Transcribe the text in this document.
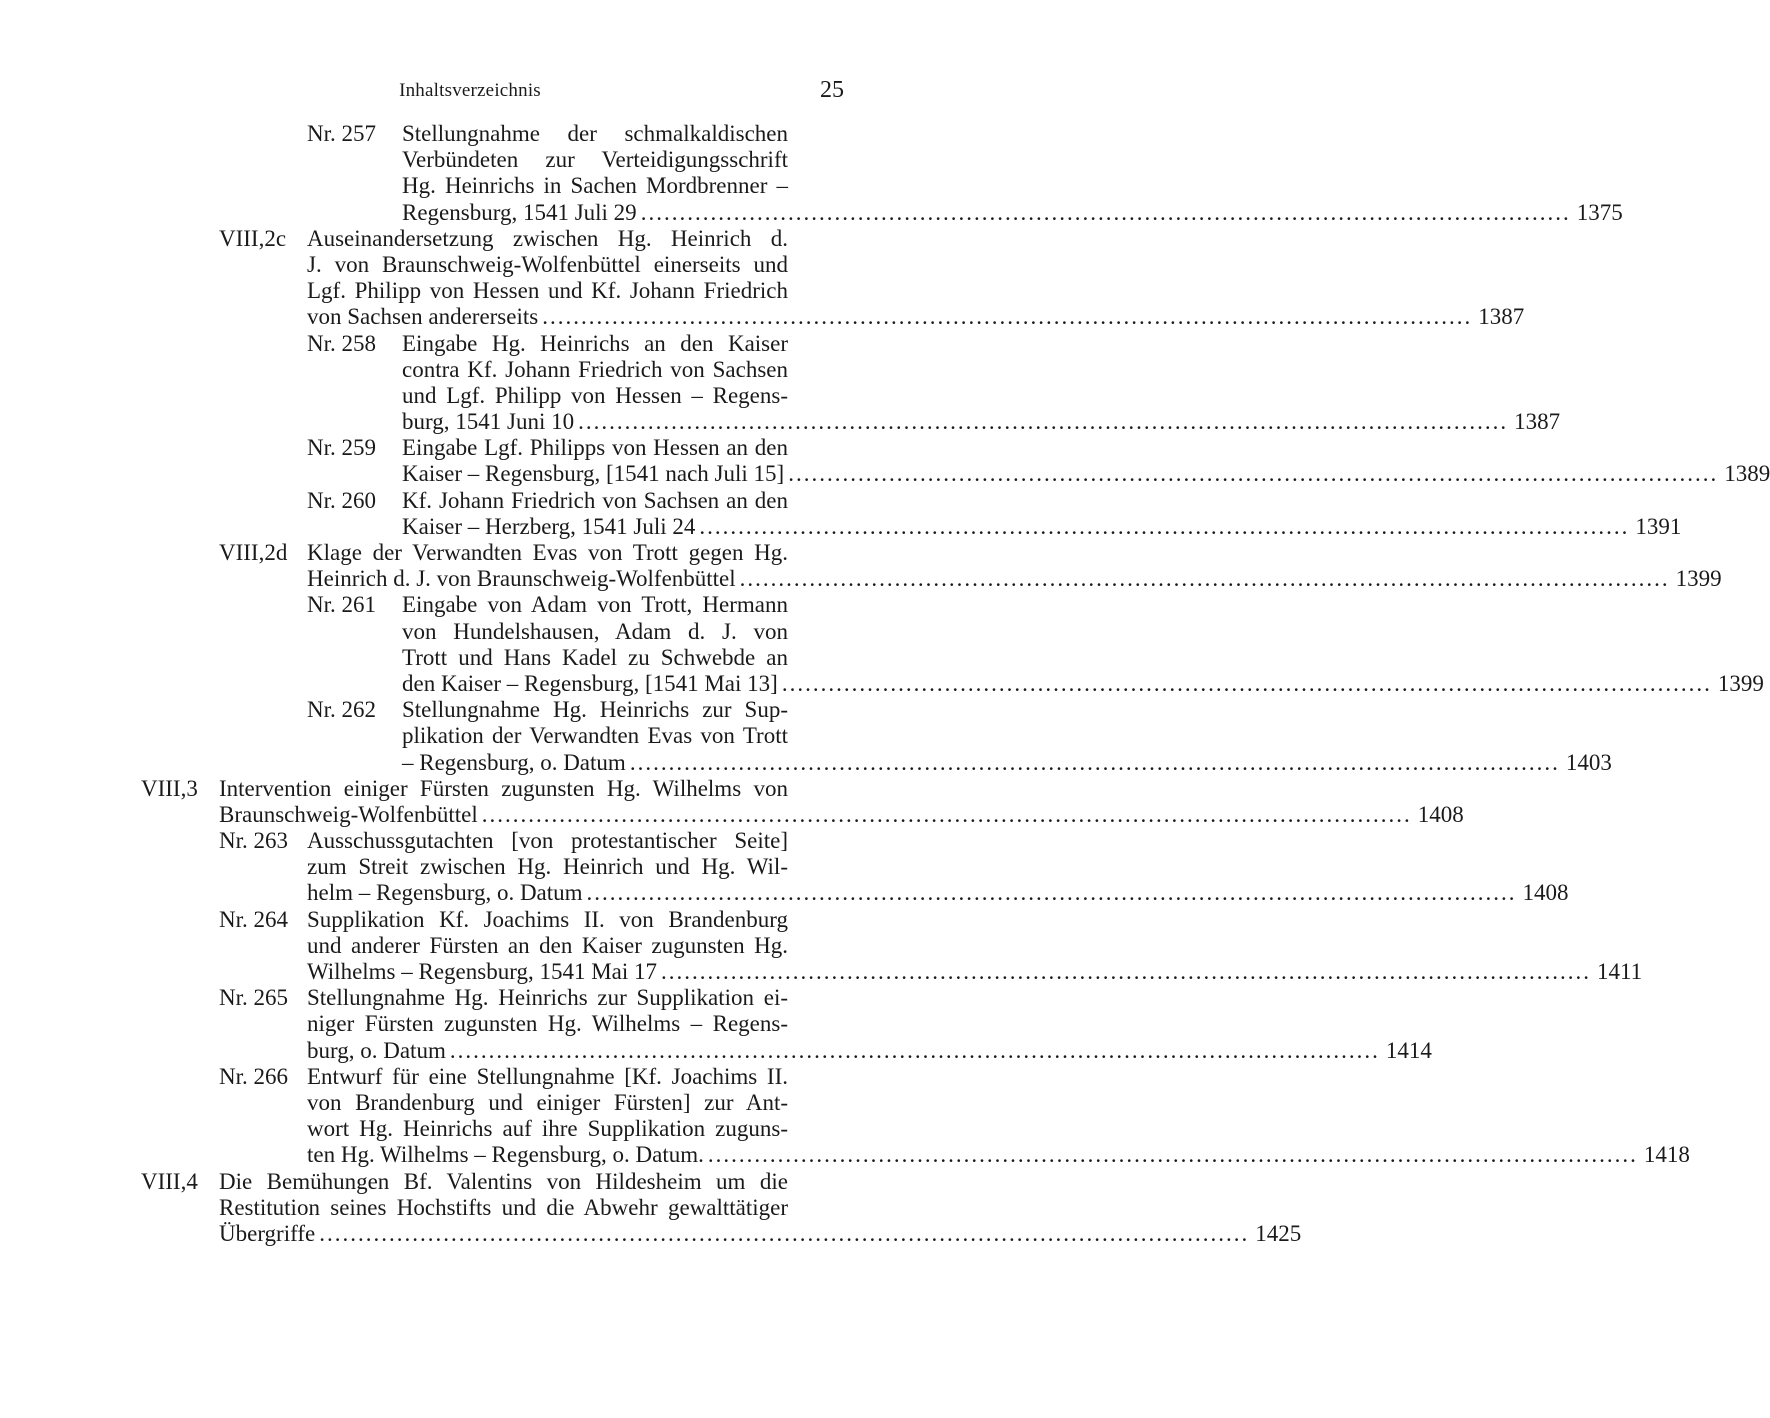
Inhaltsverzeichnis	25
Nr. 257 Stellungnahme der schmalkaldischen
Verbündeten zur Verteidigungsschrift
Hg. Heinrichs in Sachen Mordbrenner –
Regensburg, 1541 Juli 29 ........................................................................................................................ 1375
VIII,2c Auseinandersetzung zwischen Hg. Heinrich d.
J. von Braunschweig-Wolfenbüttel einerseits und
Lgf. Philipp von Hessen und Kf. Johann Friedrich
von Sachsen andererseits ........................................................................................................................ 1387
Nr. 258 Eingabe Hg. Heinrichs an den Kaiser
contra Kf. Johann Friedrich von Sachsen
und Lgf. Philipp von Hessen – Regens-
burg, 1541 Juni 10 ........................................................................................................................ 1387
Nr. 259 Eingabe Lgf. Philipps von Hessen an den
Kaiser – Regensburg, [1541 nach Juli 15] ........................................................................................................................ 1389
Nr. 260 Kf. Johann Friedrich von Sachsen an den
Kaiser – Herzberg, 1541 Juli 24 ........................................................................................................................ 1391
VIII,2d Klage der Verwandten Evas von Trott gegen Hg.
Heinrich d. J. von Braunschweig-Wolfenbüttel ........................................................................................................................ 1399
Nr. 261 Eingabe von Adam von Trott, Hermann
von Hundelshausen, Adam d. J. von
Trott und Hans Kadel zu Schwebde an
den Kaiser – Regensburg, [1541 Mai 13] ........................................................................................................................ 1399
Nr. 262 Stellungnahme Hg. Heinrichs zur Sup-
plikation der Verwandten Evas von Trott
– Regensburg, o. Datum ........................................................................................................................ 1403
VIII,3 Intervention einiger Fürsten zugunsten Hg. Wilhelms von
Braunschweig-Wolfenbüttel ........................................................................................................................ 1408
Nr. 263 Ausschussgutachten [von protestantischer Seite]
zum Streit zwischen Hg. Heinrich und Hg. Wil-
helm – Regensburg, o. Datum ........................................................................................................................ 1408
Nr. 264 Supplikation Kf. Joachims II. von Brandenburg
und anderer Fürsten an den Kaiser zugunsten Hg.
Wilhelms – Regensburg, 1541 Mai 17 ........................................................................................................................ 1411
Nr. 265 Stellungnahme Hg. Heinrichs zur Supplikation ei-
niger Fürsten zugunsten Hg. Wilhelms – Regens-
burg, o. Datum ........................................................................................................................ 1414
Nr. 266 Entwurf für eine Stellungnahme [Kf. Joachims II.
von Brandenburg und einiger Fürsten] zur Ant-
wort Hg. Heinrichs auf ihre Supplikation zuguns-
ten Hg. Wilhelms – Regensburg, o. Datum. ........................................................................................................................ 1418
VIII,4 Die Bemühungen Bf. Valentins von Hildesheim um die
Restitution seines Hochstifts und die Abwehr gewalttätiger
Übergriffe ........................................................................................................................ 1425
